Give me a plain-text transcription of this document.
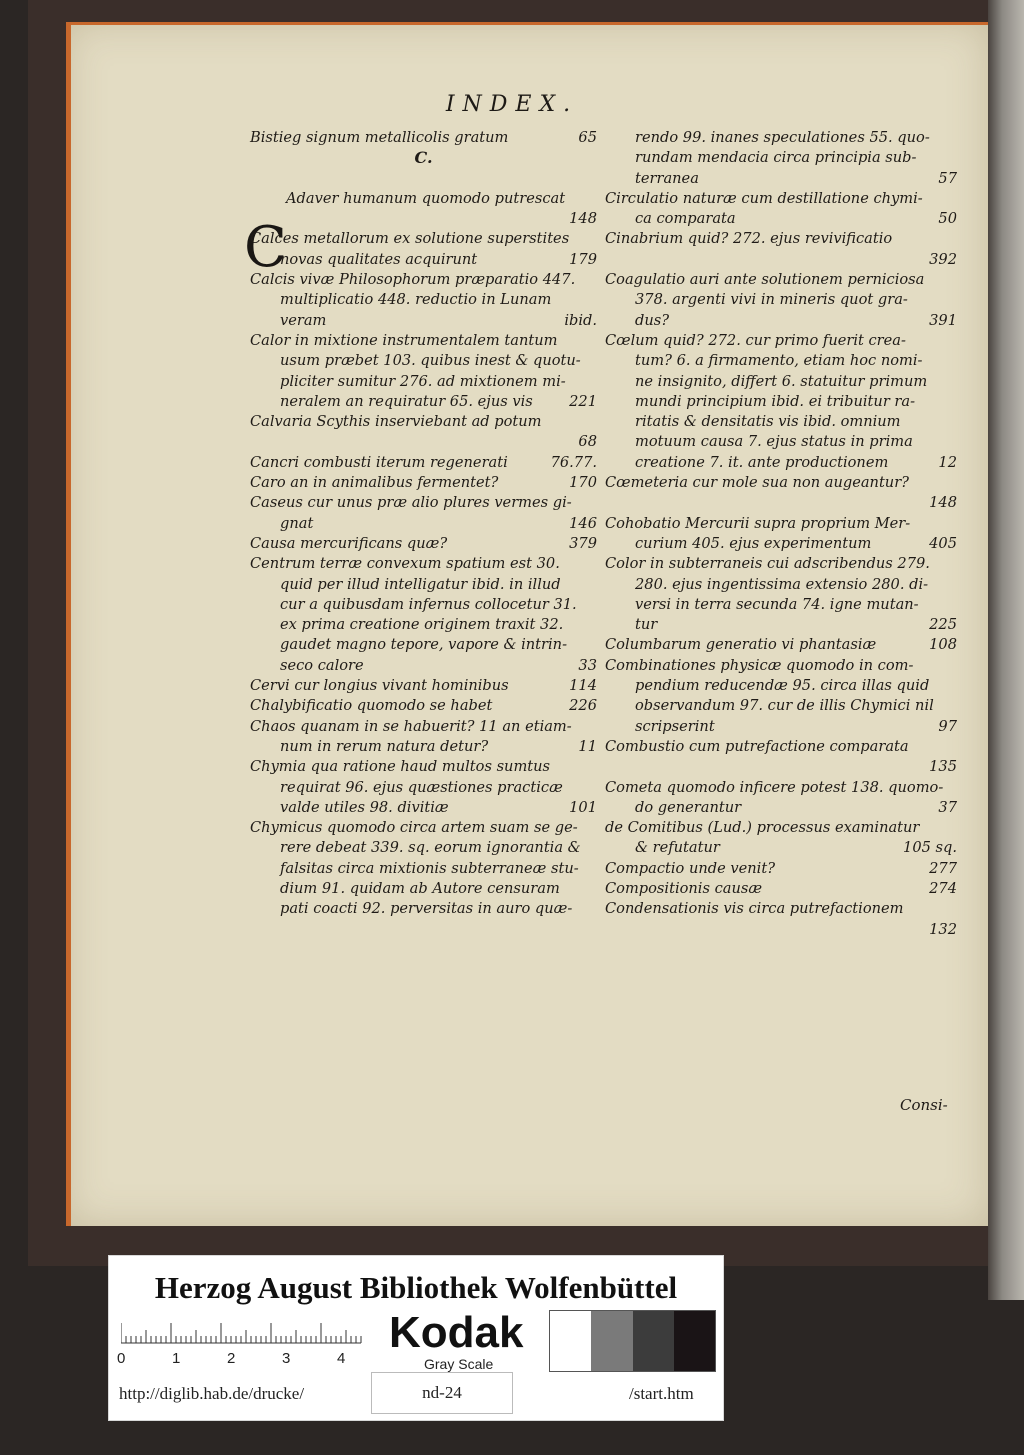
INDEX.
C
Bistieg signum metallicolis gratum	65
C.
Adaver humanum quomodo putrescat
148
Calces metallorum ex solutione superstites
novas qualitates acquirunt	179
Calcis vivæ Philosophorum præparatio 447.
multiplicatio 448. reductio in Lunam
veram	ibid.
Calor in mixtione instrumentalem tantum
usum præbet 103. quibus inest & quotu-
pliciter sumitur 276. ad mixtionem mi-
neralem an requiratur 65. ejus vis 221
Calvaria Scythis inserviebant ad potum
68
Cancri combusti iterum regenerati	76.77.
Caro an in animalibus fermentet?	170
Caseus cur unus præ alio plures vermes gi-
gnat	146
Causa mercurificans quæ?	379
Centrum terræ convexum spatium est 30.
quid per illud intelligatur ibid. in illud
cur a quibusdam infernus collocetur 31.
ex prima creatione originem traxit 32.
gaudet magno tepore, vapore & intrin-
seco calore	33
Cervi cur longius vivant hominibus	114
Chalybificatio quomodo se habet	226
Chaos quanam in se habuerit? 11 an etiam-
num in rerum natura detur?	11
Chymia qua ratione haud multos sumtus
requirat 96. ejus quæstiones practicæ
valde utiles 98. divitiæ	101
Chymicus quomodo circa artem suam se ge-
rere debeat 339. sq. eorum ignorantia &
falsitas circa mixtionis subterraneæ stu-
dium 91. quidam ab Autore censuram
pati coacti 92. perversitas in auro quæ-
rendo 99. inanes speculationes 55. quo-
rundam mendacia circa principia sub-
terranea	57
Circulatio naturæ cum destillatione chymi-
ca comparata	50
Cinabrium quid? 272. ejus revivificatio
392
Coagulatio auri ante solutionem perniciosa
378. argenti vivi in mineris quot gra-
dus?	391
Cœlum quid? 272. cur primo fuerit crea-
tum? 6. a firmamento, etiam hoc nomi-
ne insignito, differt 6. statuitur primum
mundi principium ibid. ei tribuitur ra-
ritatis & densitatis vis ibid. omnium
motuum causa 7. ejus status in prima
creatione 7. it. ante productionem	12
Cœmeteria cur mole sua non augeantur?
148
Cohobatio Mercurii supra proprium Mer-
curium 405. ejus experimentum	405
Color in subterraneis cui adscribendus 279.
280. ejus ingentissima extensio 280. di-
versi in terra secunda 74. igne mutan-
tur	225
Columbarum generatio vi phantasiæ	108
Combinationes physicæ quomodo in com-
pendium reducendæ 95. circa illas quid
observandum 97. cur de illis Chymici nil
scripserint	97
Combustio cum putrefactione comparata
135
Cometa quomodo inficere potest 138. quomo-
do generantur	37
de Comitibus (Lud.) processus examinatur
& refutatur	105 sq.
Compactio unde venit?	277
Compositionis causæ	274
Condensationis vis circa putrefactionem
132
Consi-
Herzog August Bibliothek Wolfenbüttel
0	1	2	3	4
Kodak
Gray Scale
http://diglib.hab.de/drucke/	nd-24	/start.htm
